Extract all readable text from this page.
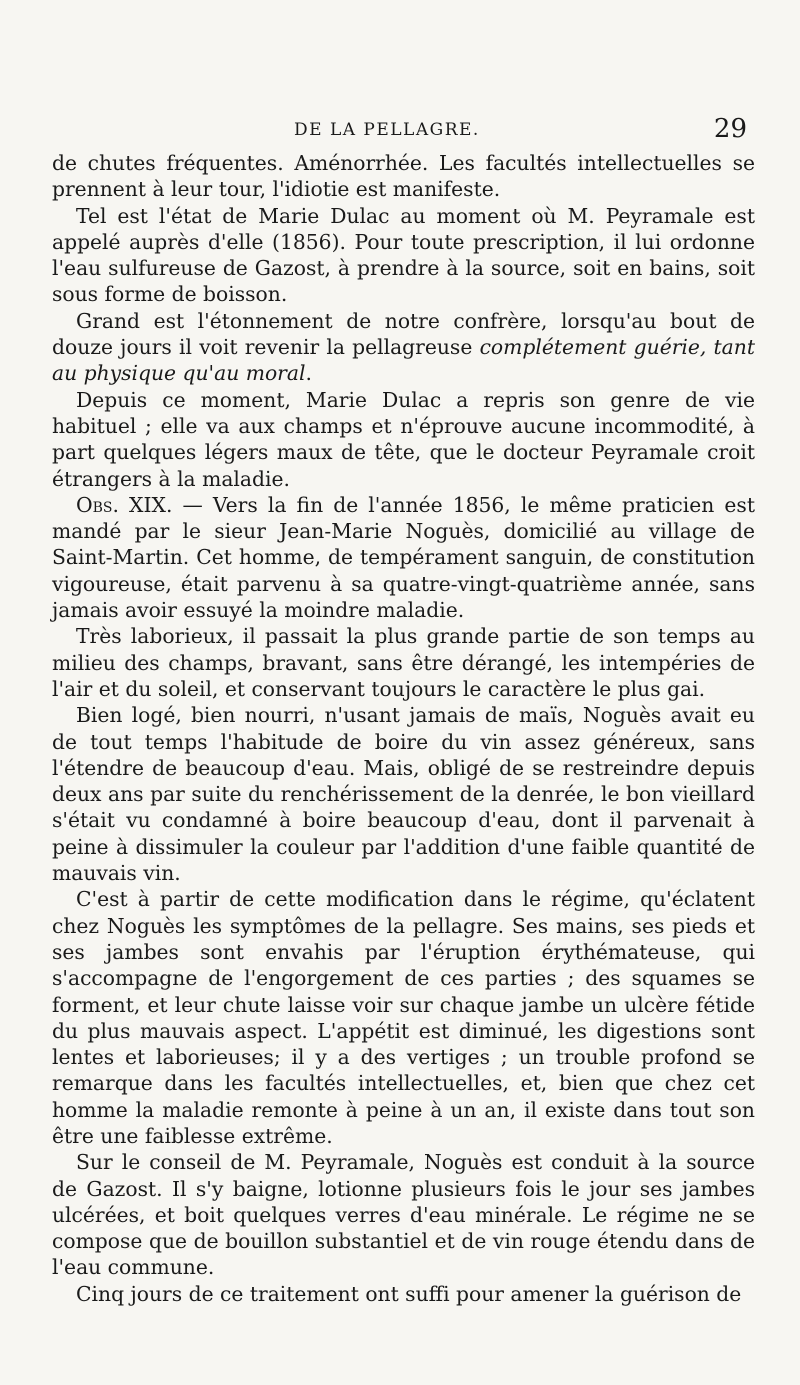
DE LA PELLAGRE.	29

de chutes fréquentes. Aménorrhée. Les facultés intellectuelles se prennent à leur tour, l'idiotie est manifeste.

Tel est l'état de Marie Dulac au moment où M. Peyramale est appelé auprès d'elle (1856). Pour toute prescription, il lui ordonne l'eau sulfureuse de Gazost, à prendre à la source, soit en bains, soit sous forme de boisson.

Grand est l'étonnement de notre confrère, lorsqu'au bout de douze jours il voit revenir la pellagreuse complétement guérie, tant au physique qu'au moral.

Depuis ce moment, Marie Dulac a repris son genre de vie habituel ; elle va aux champs et n'éprouve aucune incommodité, à part quelques légers maux de tête, que le docteur Peyramale croit étrangers à la maladie.

Obs. XIX. — Vers la fin de l'année 1856, le même praticien est mandé par le sieur Jean-Marie Noguès, domicilié au village de Saint-Martin. Cet homme, de tempérament sanguin, de constitution vigoureuse, était parvenu à sa quatre-vingt-quatrième année, sans jamais avoir essuyé la moindre maladie.

Très laborieux, il passait la plus grande partie de son temps au milieu des champs, bravant, sans être dérangé, les intempéries de l'air et du soleil, et conservant toujours le caractère le plus gai.

Bien logé, bien nourri, n'usant jamais de maïs, Noguès avait eu de tout temps l'habitude de boire du vin assez généreux, sans l'étendre de beaucoup d'eau. Mais, obligé de se restreindre depuis deux ans par suite du renchérissement de la denrée, le bon vieillard s'était vu condamné à boire beaucoup d'eau, dont il parvenait à peine à dissimuler la couleur par l'addition d'une faible quantité de mauvais vin.

C'est à partir de cette modification dans le régime, qu'éclatent chez Noguès les symptômes de la pellagre. Ses mains, ses pieds et ses jambes sont envahis par l'éruption érythémateuse, qui s'accompagne de l'engorgement de ces parties ; des squames se forment, et leur chute laisse voir sur chaque jambe un ulcère fétide du plus mauvais aspect. L'appétit est diminué, les digestions sont lentes et laborieuses; il y a des vertiges ; un trouble profond se remarque dans les facultés intellectuelles, et, bien que chez cet homme la maladie remonte à peine à un an, il existe dans tout son être une faiblesse extrême.

Sur le conseil de M. Peyramale, Noguès est conduit à la source de Gazost. Il s'y baigne, lotionne plusieurs fois le jour ses jambes ulcérées, et boit quelques verres d'eau minérale. Le régime ne se compose que de bouillon substantiel et de vin rouge étendu dans de l'eau commune.

Cinq jours de ce traitement ont suffi pour amener la guérison de
